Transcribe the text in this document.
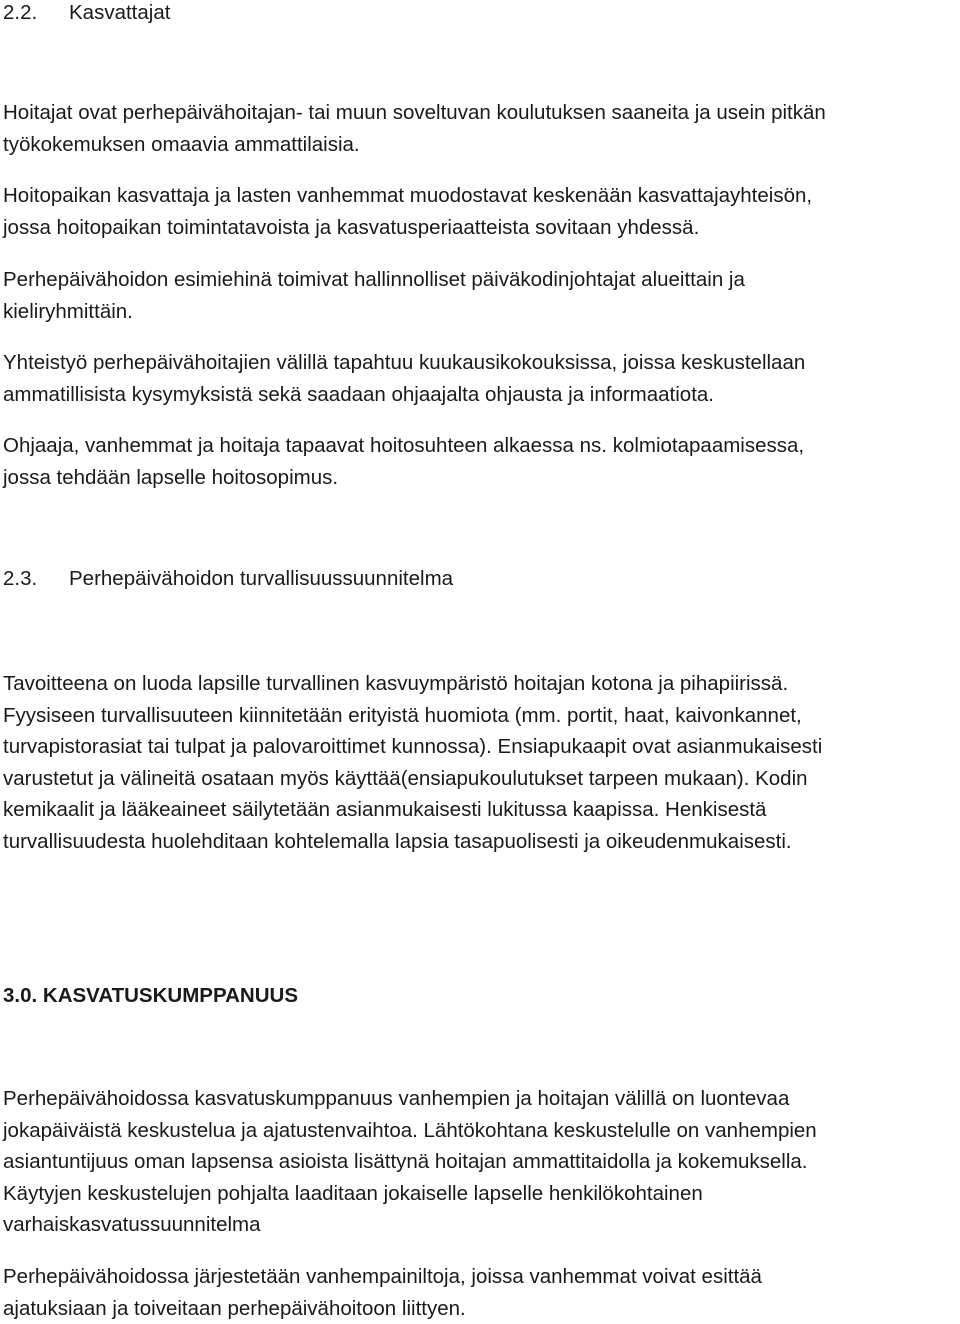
2.2. Kasvattajat
Hoitajat ovat perhepäivähoitajan- tai muun soveltuvan koulutuksen saaneita ja usein pitkän
työkokemuksen omaavia ammattilaisia.
Hoitopaikan kasvattaja ja lasten vanhemmat muodostavat keskenään kasvattajayhteisön,
jossa hoitopaikan toimintatavoista ja kasvatusperiaatteista sovitaan yhdessä.
Perhepäivähoidon esimiehinä toimivat hallinnolliset päiväkodinjohtajat alueittain ja
kieliryhmittäin.
Yhteistyö perhepäivähoitajien välillä tapahtuu kuukausikokouksissa, joissa keskustellaan
ammatillisista kysymyksistä sekä saadaan ohjaajalta ohjausta ja informaatiota.
Ohjaaja, vanhemmat ja hoitaja tapaavat hoitosuhteen alkaessa ns. kolmiotapaamisessa,
jossa tehdään lapselle hoitosopimus.
2.3. Perhepäivähoidon turvallisuussuunnitelma
Tavoitteena on luoda lapsille turvallinen kasvuympäristö hoitajan kotona ja pihapiirissä.
Fyysiseen turvallisuuteen kiinnitetään erityistä huomiota (mm. portit, haat, kaivonkannet,
turvapistorasiat tai tulpat ja palovaroittimet kunnossa). Ensiapukaapit ovat asianmukaisesti
varustetut ja välineitä osataan myös käyttää(ensiapukoulutukset tarpeen mukaan). Kodin
kemikaalit ja lääkeaineet säilytetään asianmukaisesti lukitussa kaapissa. Henkisestä
turvallisuudesta huolehditaan kohtelemalla lapsia tasapuolisesti ja oikeudenmukaisesti.
3.0. KASVATUSKUMPPANUUS
Perhepäivähoidossa kasvatuskumppanuus vanhempien ja hoitajan välillä on luontevaa
jokapäiväistä keskustelua ja ajatustenvaihtoa. Lähtökohtana keskustelulle on vanhempien
asiantuntijuus oman lapsensa asioista lisättynä hoitajan ammattitaidolla ja kokemuksella.
Käytyjen keskustelujen pohjalta laaditaan jokaiselle lapselle henkilökohtainen
varhaiskasvatussuunnitelma
Perhepäivähoidossa järjestetään vanhempainiltoja, joissa vanhemmat voivat esittää
ajatuksiaan ja toiveitaan perhepäivähoitoon liittyen.
